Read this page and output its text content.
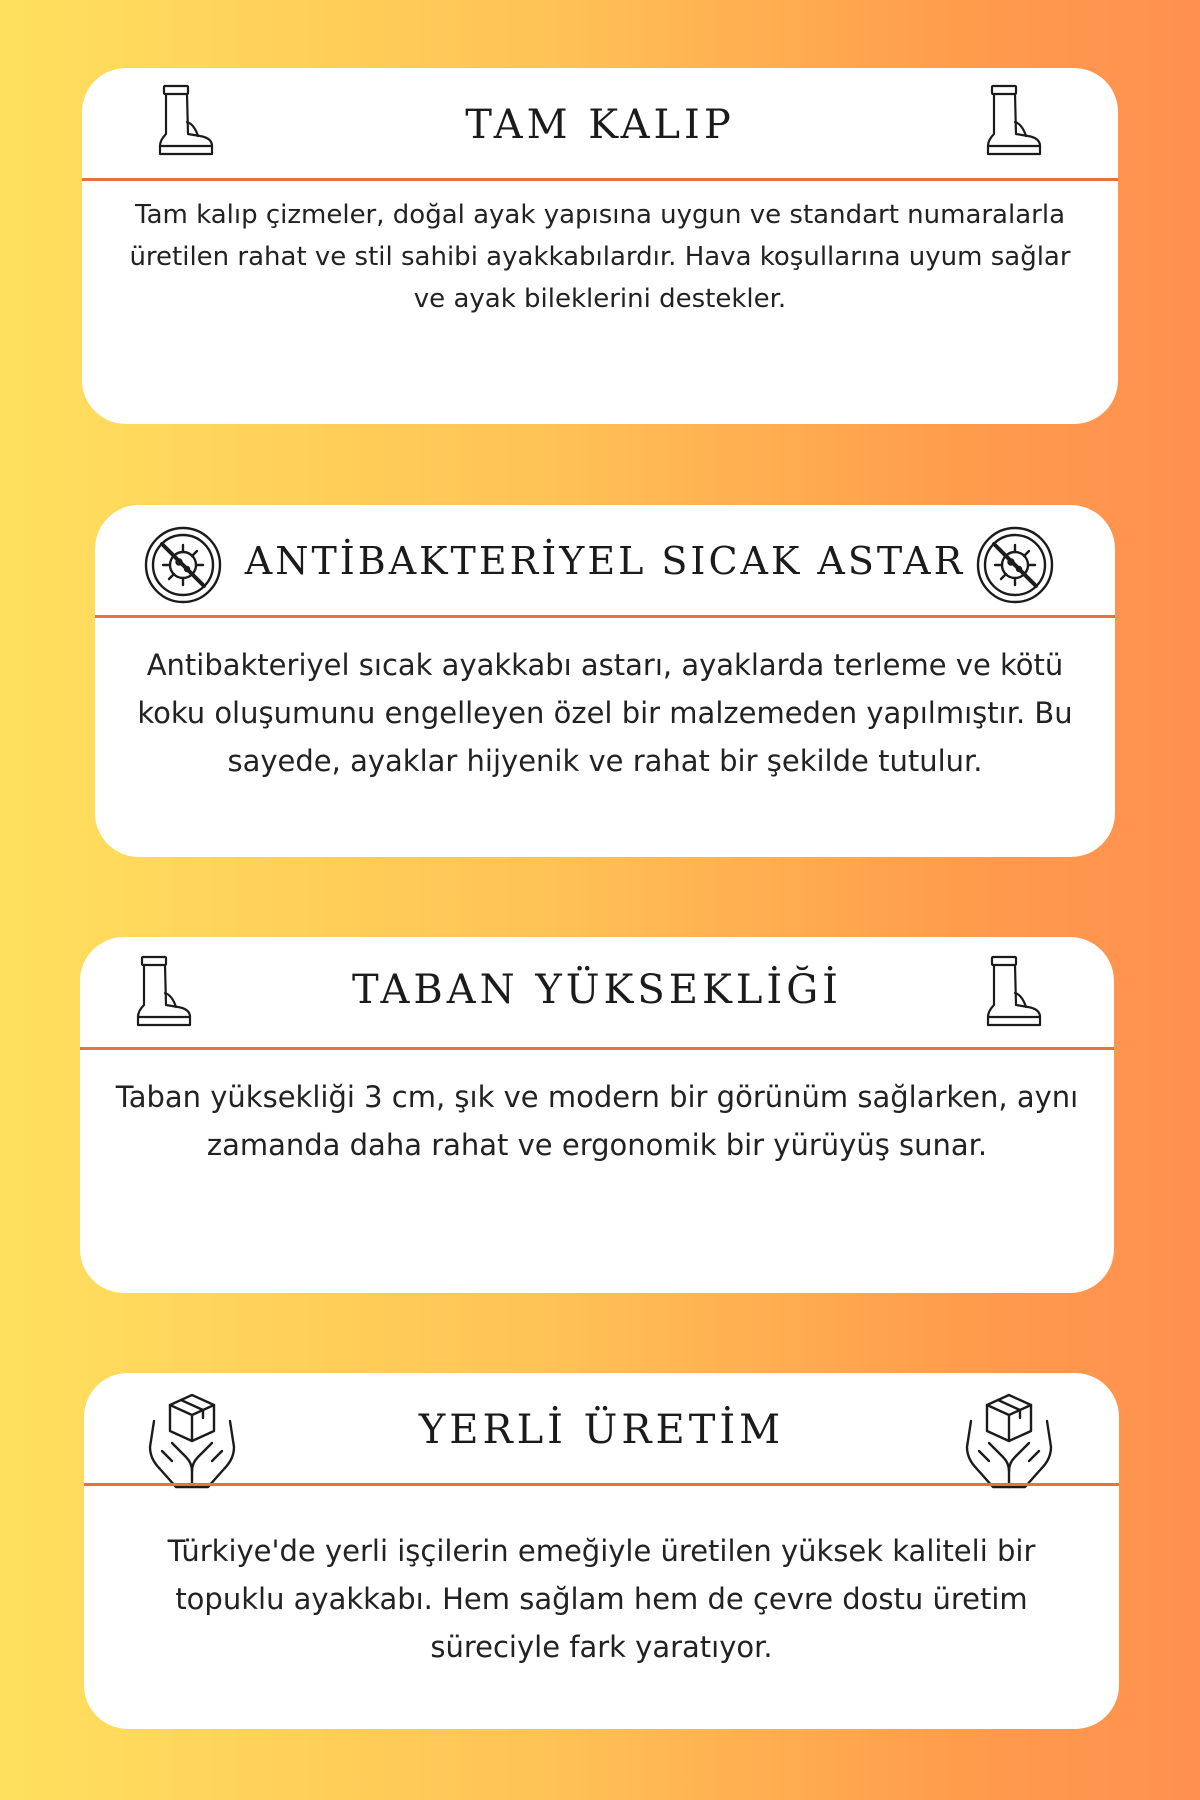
TAM KALIP
Tam kalıp çizmeler, doğal ayak yapısına uygun ve standart numaralarla üretilen rahat ve stil sahibi ayakkabılardır. Hava koşullarına uyum sağlar ve ayak bileklerini destekler.
ANTİBAKTERİYEL SICAK ASTAR
Antibakteriyel sıcak ayakkabı astarı, ayaklarda terleme ve kötü koku oluşumunu engelleyen özel bir malzemeden yapılmıştır. Bu sayede, ayaklar hijyenik ve rahat bir şekilde tutulur.
TABAN YÜKSEKLİĞİ
Taban yüksekliği 3 cm, şık ve modern bir görünüm sağlarken, aynı zamanda daha rahat ve ergonomik bir yürüyüş sunar.
YERLİ ÜRETİM
Türkiye'de yerli işçilerin emeğiyle üretilen yüksek kaliteli bir topuklu ayakkabı. Hem sağlam hem de çevre dostu üretim süreciyle fark yaratıyor.
